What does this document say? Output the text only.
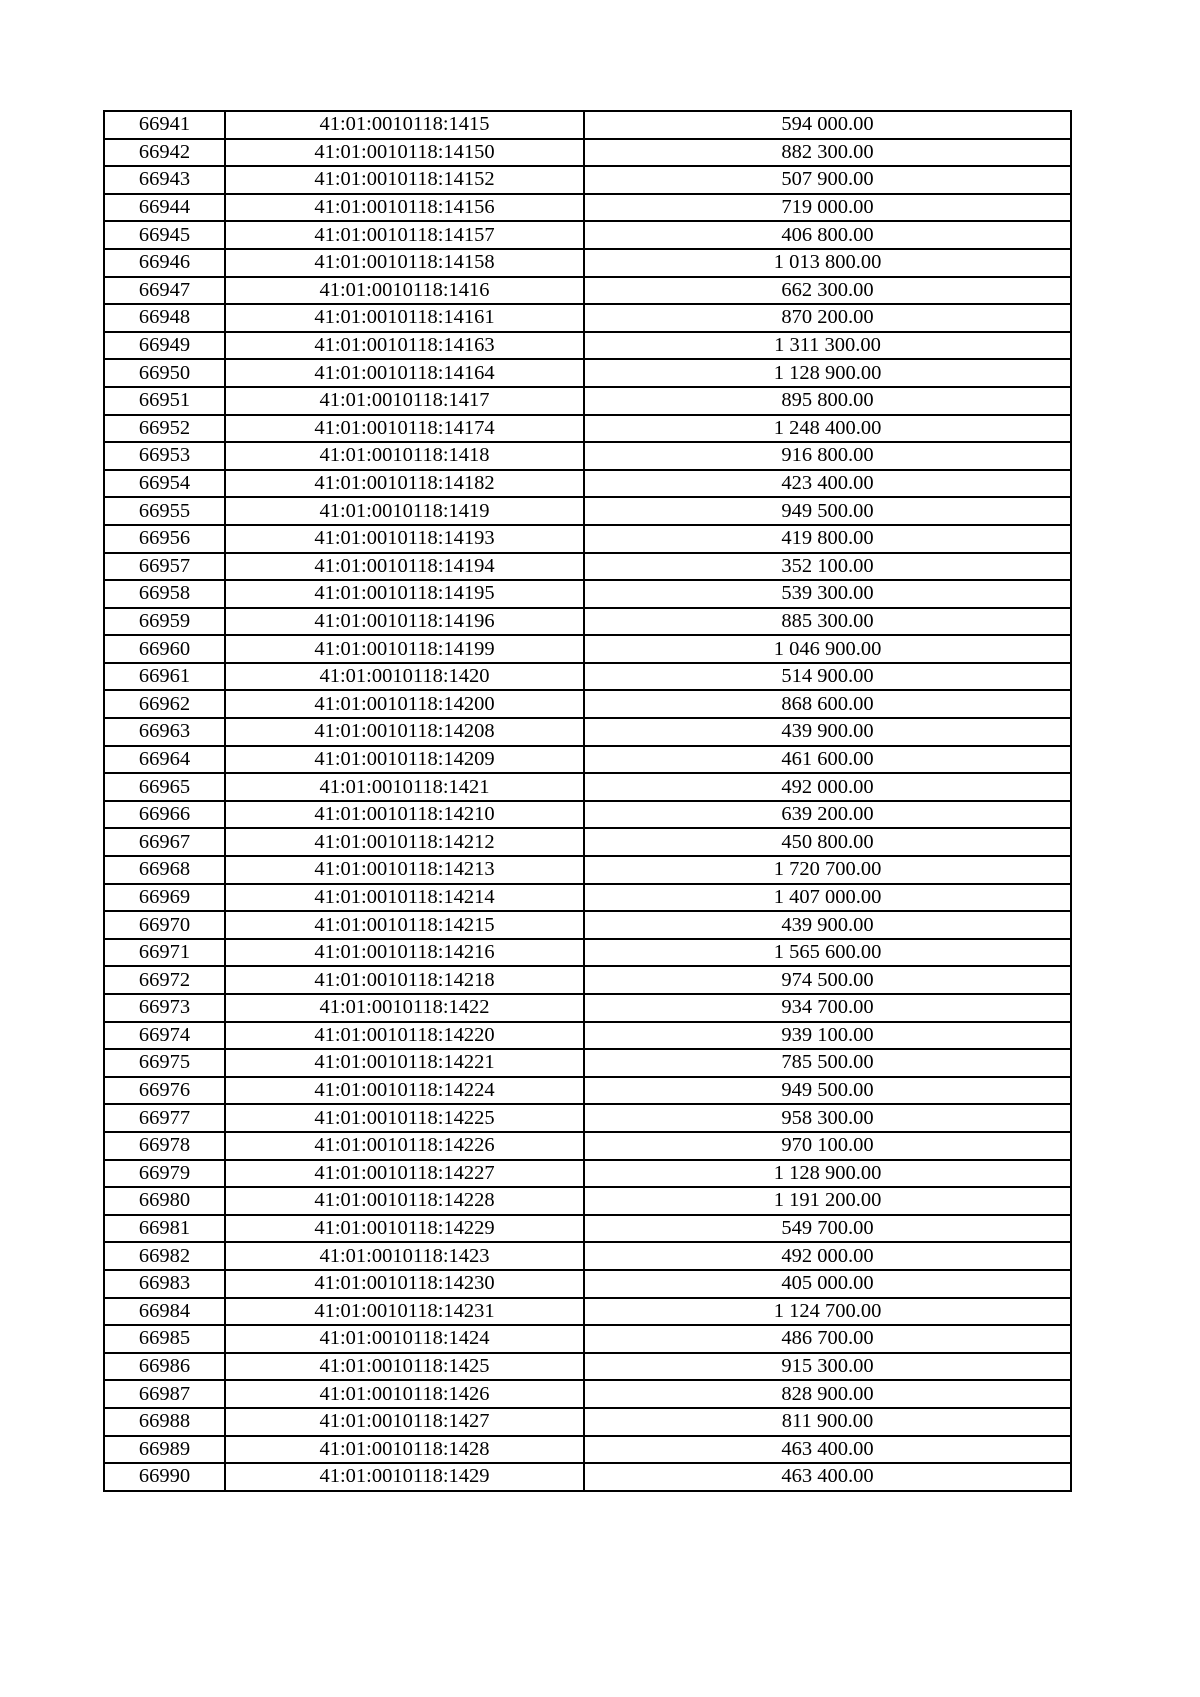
66941	41:01:0010118:1415	594 000.00
66942	41:01:0010118:14150	882 300.00
66943	41:01:0010118:14152	507 900.00
66944	41:01:0010118:14156	719 000.00
66945	41:01:0010118:14157	406 800.00
66946	41:01:0010118:14158	1 013 800.00
66947	41:01:0010118:1416	662 300.00
66948	41:01:0010118:14161	870 200.00
66949	41:01:0010118:14163	1 311 300.00
66950	41:01:0010118:14164	1 128 900.00
66951	41:01:0010118:1417	895 800.00
66952	41:01:0010118:14174	1 248 400.00
66953	41:01:0010118:1418	916 800.00
66954	41:01:0010118:14182	423 400.00
66955	41:01:0010118:1419	949 500.00
66956	41:01:0010118:14193	419 800.00
66957	41:01:0010118:14194	352 100.00
66958	41:01:0010118:14195	539 300.00
66959	41:01:0010118:14196	885 300.00
66960	41:01:0010118:14199	1 046 900.00
66961	41:01:0010118:1420	514 900.00
66962	41:01:0010118:14200	868 600.00
66963	41:01:0010118:14208	439 900.00
66964	41:01:0010118:14209	461 600.00
66965	41:01:0010118:1421	492 000.00
66966	41:01:0010118:14210	639 200.00
66967	41:01:0010118:14212	450 800.00
66968	41:01:0010118:14213	1 720 700.00
66969	41:01:0010118:14214	1 407 000.00
66970	41:01:0010118:14215	439 900.00
66971	41:01:0010118:14216	1 565 600.00
66972	41:01:0010118:14218	974 500.00
66973	41:01:0010118:1422	934 700.00
66974	41:01:0010118:14220	939 100.00
66975	41:01:0010118:14221	785 500.00
66976	41:01:0010118:14224	949 500.00
66977	41:01:0010118:14225	958 300.00
66978	41:01:0010118:14226	970 100.00
66979	41:01:0010118:14227	1 128 900.00
66980	41:01:0010118:14228	1 191 200.00
66981	41:01:0010118:14229	549 700.00
66982	41:01:0010118:1423	492 000.00
66983	41:01:0010118:14230	405 000.00
66984	41:01:0010118:14231	1 124 700.00
66985	41:01:0010118:1424	486 700.00
66986	41:01:0010118:1425	915 300.00
66987	41:01:0010118:1426	828 900.00
66988	41:01:0010118:1427	811 900.00
66989	41:01:0010118:1428	463 400.00
66990	41:01:0010118:1429	463 400.00
